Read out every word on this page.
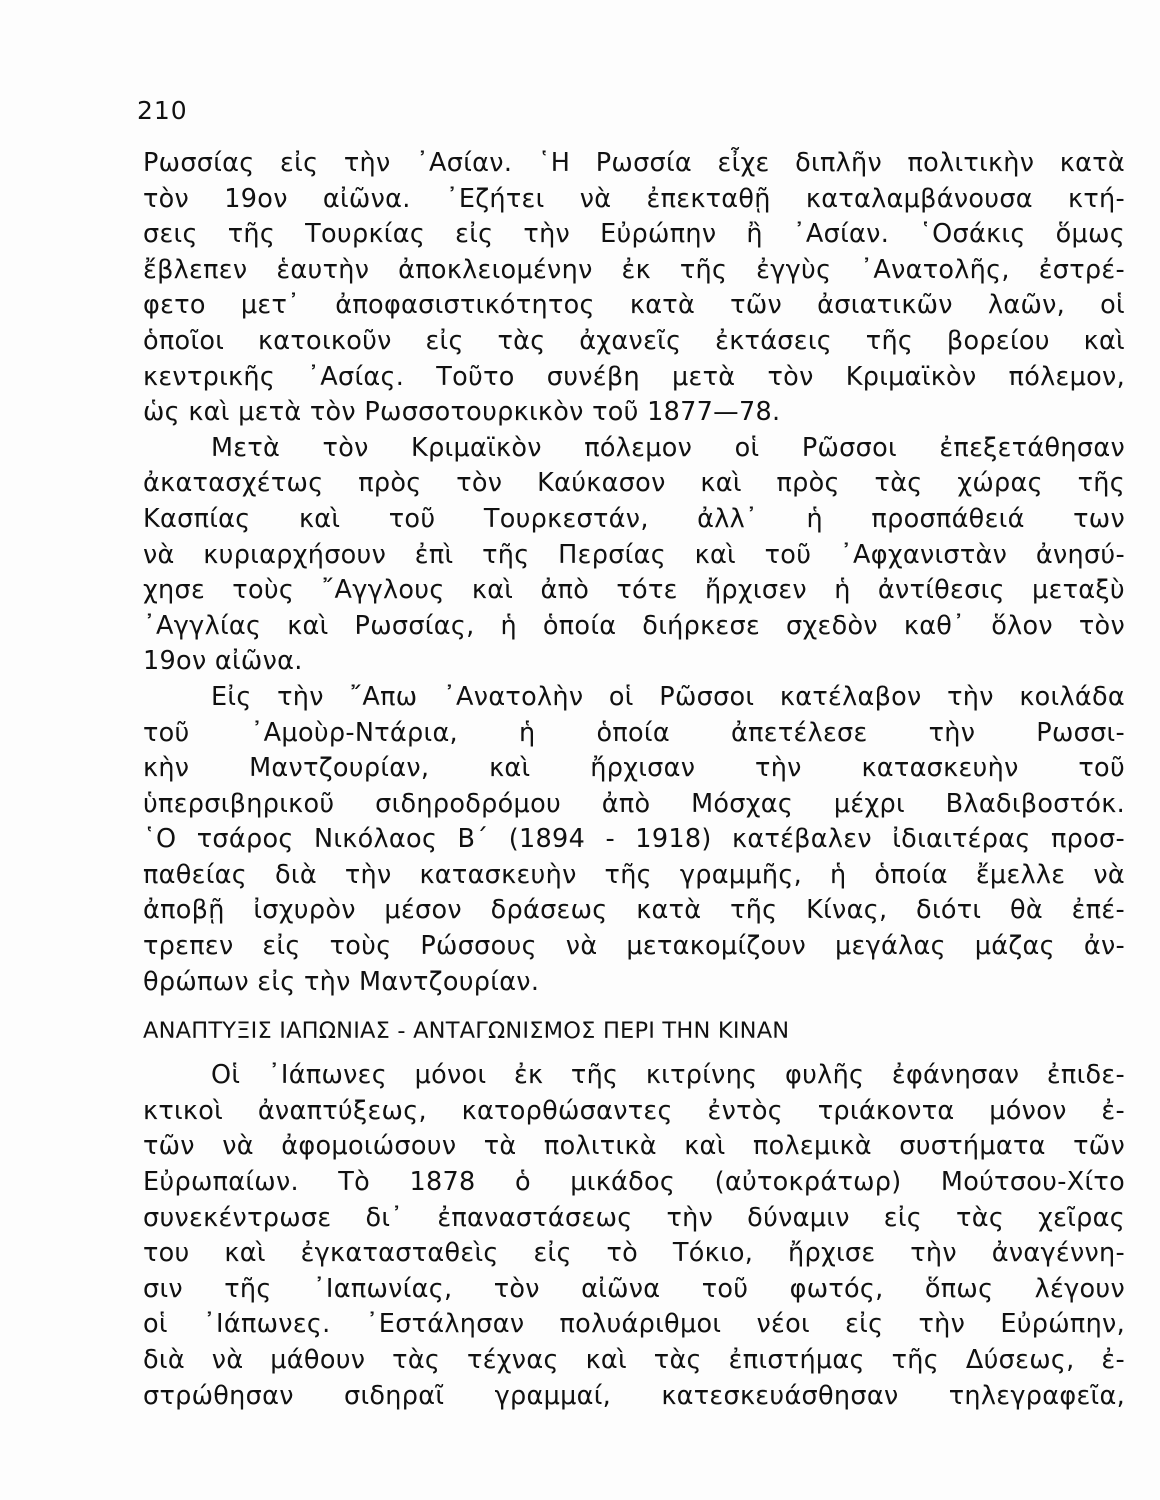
210
Ρωσσίας εἰς τὴν ᾽Ασίαν. ῾Η Ρωσσία εἶχε διπλῆν πολιτικὴν κατὰ
τὸν 19ον αἰῶνα. ᾽Εζήτει νὰ ἐπεκταθῇ καταλαμβάνουσα κτή-
σεις τῆς Τουρκίας εἰς τὴν Εὐρώπην ἢ ᾽Ασίαν. ῾Οσάκις ὅμως
ἔβλεπεν ἑαυτὴν ἀποκλειομένην ἐκ τῆς ἐγγὺς ᾽Ανατολῆς, ἐστρέ-
φετο μετ᾽ ἀποφασιστικότητος κατὰ τῶν ἀσιατικῶν λαῶν, οἱ
ὁποῖοι κατοικοῦν εἰς τὰς ἀχανεῖς ἐκτάσεις τῆς βορείου καὶ
κεντρικῆς ᾽Ασίας. Τοῦτο συνέβη μετὰ τὸν Κριμαϊκὸν πόλεμον,
ὡς καὶ μετὰ τὸν Ρωσσοτουρκικὸν τοῦ 1877—78.
Μετὰ τὸν Κριμαϊκὸν πόλεμον οἱ Ρῶσσοι ἐπεξετάθησαν
ἀκατασχέτως πρὸς τὸν Καύκασον καὶ πρὸς τὰς χώρας τῆς
Κασπίας καὶ τοῦ Τουρκεστάν, ἀλλ᾽ ἡ προσπάθειά των
νὰ κυριαρχήσουν ἐπὶ τῆς Περσίας καὶ τοῦ ᾽Αφχανιστὰν ἀνησύ-
χησε τοὺς ῎Αγγλους καὶ ἀπὸ τότε ἤρχισεν ἡ ἀντίθεσις μεταξὺ
᾽Αγγλίας καὶ Ρωσσίας, ἡ ὁποία διήρκεσε σχεδὸν καθ᾽ ὅλον τὸν
19ον αἰῶνα.
Εἰς τὴν ῎Απω ᾽Ανατολὴν οἱ Ρῶσσοι κατέλαβον τὴν κοιλάδα
τοῦ ᾽Αμοὺρ-Ντάρια, ἡ ὁποία ἀπετέλεσε τὴν Ρωσσι-
κὴν Μαντζουρίαν, καὶ ἤρχισαν τὴν κατασκευὴν τοῦ
ὑπερσιβηρικοῦ σιδηροδρόμου ἀπὸ Μόσχας μέχρι Βλαδιβοστόκ.
῾Ο τσάρος Νικόλαος Β΄ (1894 - 1918) κατέβαλεν ἰδιαιτέρας προσ-
παθείας διὰ τὴν κατασκευὴν τῆς γραμμῆς, ἡ ὁποία ἔμελλε νὰ
ἀποβῇ ἰσχυρὸν μέσον δράσεως κατὰ τῆς Κίνας, διότι θὰ ἐπέ-
τρεπεν εἰς τοὺς Ρώσσους νὰ μετακομίζουν μεγάλας μάζας ἀν-
θρώπων εἰς τὴν Μαντζουρίαν.
ΑΝΑΠΤΥΞΙΣ ΙΑΠΩΝΙΑΣ - ΑΝΤΑΓΩΝΙΣΜΟΣ ΠΕΡΙ ΤΗΝ ΚΙΝΑΝ
Οἱ ᾽Ιάπωνες μόνοι ἐκ τῆς κιτρίνης φυλῆς ἐφάνησαν ἐπιδε-
κτικοὶ ἀναπτύξεως, κατορθώσαντες ἐντὸς τριάκοντα μόνον ἐ-
τῶν νὰ ἀφομοιώσουν τὰ πολιτικὰ καὶ πολεμικὰ συστήματα τῶν
Εὐρωπαίων. Τὸ 1878 ὁ μικάδος (αὐτοκράτωρ) Μούτσου-Χίτο
συνεκέντρωσε δι᾽ ἐπαναστάσεως τὴν δύναμιν εἰς τὰς χεῖρας
του καὶ ἐγκατασταθεὶς εἰς τὸ Τόκιο, ἤρχισε τὴν ἀναγέννη-
σιν τῆς ᾽Ιαπωνίας, τὸν αἰῶνα τοῦ φωτός, ὅπως λέγουν
οἱ ᾽Ιάπωνες. ᾽Εστάλησαν πολυάριθμοι νέοι εἰς τὴν Εὐρώπην,
διὰ νὰ μάθουν τὰς τέχνας καὶ τὰς ἐπιστήμας τῆς Δύσεως, ἐ-
στρώθησαν σιδηραῖ γραμμαί, κατεσκευάσθησαν τηλεγραφεῖα,
